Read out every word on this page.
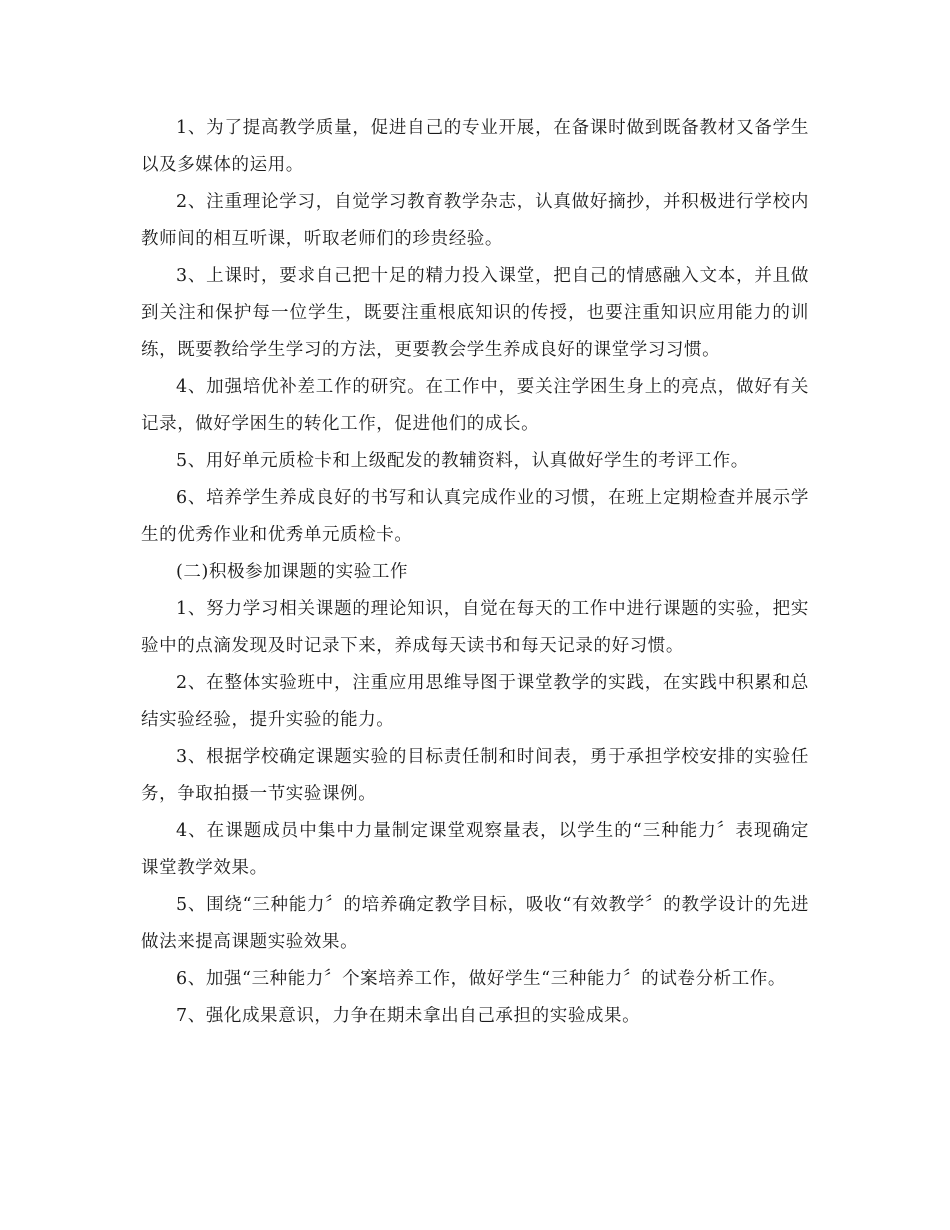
1、为了提高教学质量，促进自己的专业开展，在备课时做到既备教材又备学生以及多媒体的运用。

2、注重理论学习，自觉学习教育教学杂志，认真做好摘抄，并积极进行学校内教师间的相互听课，听取老师们的珍贵经验。

3、上课时，要求自己把十足的精力投入课堂，把自己的情感融入文本，并且做到关注和保护每一位学生，既要注重根底知识的传授，也要注重知识应用能力的训练，既要教给学生学习的方法，更要教会学生养成良好的课堂学习习惯。

4、加强培优补差工作的研究。在工作中，要关注学困生身上的亮点，做好有关记录，做好学困生的转化工作，促进他们的成长。

5、用好单元质检卡和上级配发的教辅资料，认真做好学生的考评工作。

6、培养学生养成良好的书写和认真完成作业的习惯，在班上定期检查并展示学生的优秀作业和优秀单元质检卡。

(二)积极参加课题的实验工作

1、努力学习相关课题的理论知识，自觉在每天的工作中进行课题的实验，把实验中的点滴发现及时记录下来，养成每天读书和每天记录的好习惯。

2、在整体实验班中，注重应用思维导图于课堂教学的实践，在实践中积累和总结实验经验，提升实验的能力。

3、根据学校确定课题实验的目标责任制和时间表，勇于承担学校安排的实验任务，争取拍摄一节实验课例。

4、在课题成员中集中力量制定课堂观察量表，以学生的“三种能力〞表现确定课堂教学效果。

5、围绕“三种能力〞的培养确定教学目标，吸收“有效教学〞的教学设计的先进做法来提高课题实验效果。

6、加强“三种能力〞个案培养工作，做好学生“三种能力〞的试卷分析工作。

7、强化成果意识，力争在期未拿出自己承担的实验成果。
